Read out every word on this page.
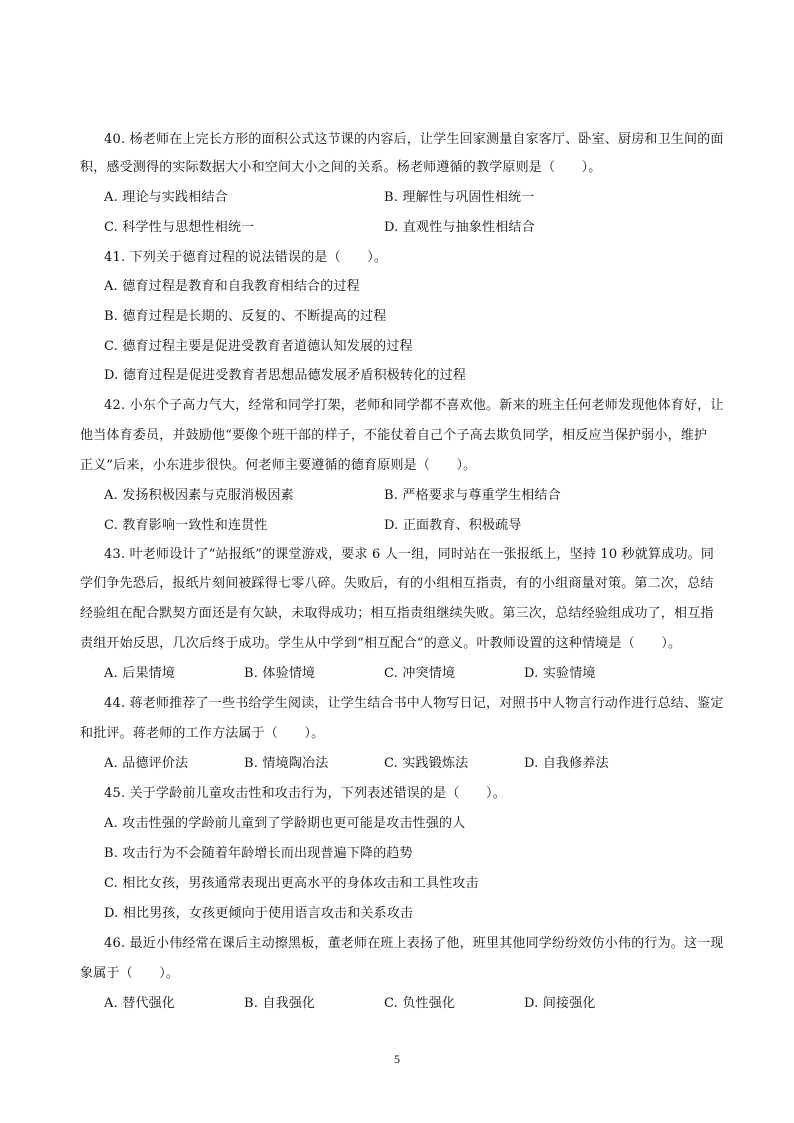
40. 杨老师在上完长方形的面积公式这节课的内容后，让学生回家测量自家客厅、卧室、厨房和卫生间的面
积，感受测得的实际数据大小和空间大小之间的关系。杨老师遵循的教学原则是（　　）。
A. 理论与实践相结合	B. 理解性与巩固性相统一
C. 科学性与思想性相统一	D. 直观性与抽象性相结合
41. 下列关于德育过程的说法错误的是（　　）。
A. 德育过程是教育和自我教育相结合的过程
B. 德育过程是长期的、反复的、不断提高的过程
C. 德育过程主要是促进受教育者道德认知发展的过程
D. 德育过程是促进受教育者思想品德发展矛盾积极转化的过程
42. 小东个子高力气大，经常和同学打架，老师和同学都不喜欢他。新来的班主任何老师发现他体育好，让
他当体育委员，并鼓励他“要像个班干部的样子，不能仗着自己个子高去欺负同学，相反应当保护弱小，维护
正义”后来，小东进步很快。何老师主要遵循的德育原则是（　　）。
A. 发扬积极因素与克服消极因素	B. 严格要求与尊重学生相结合
C. 教育影响一致性和连贯性	D. 正面教育、积极疏导
43. 叶老师设计了“站报纸”的课堂游戏，要求 6 人一组，同时站在一张报纸上，坚持 10 秒就算成功。同
学们争先恐后，报纸片刻间被踩得七零八碎。失败后，有的小组相互指责，有的小组商量对策。第二次，总结
经验组在配合默契方面还是有欠缺，未取得成功；相互指责组继续失败。第三次，总结经验组成功了，相互指
责组开始反思，几次后终于成功。学生从中学到“相互配合”的意义。叶教师设置的这种情境是（　　）。
A. 后果情境	B. 体验情境	C. 冲突情境	D. 实验情境
44. 蒋老师推荐了一些书给学生阅读，让学生结合书中人物写日记，对照书中人物言行动作进行总结、鉴定
和批评。蒋老师的工作方法属于（　　）。
A. 品德评价法	B. 情境陶冶法	C. 实践锻炼法	D. 自我修养法
45. 关于学龄前儿童攻击性和攻击行为，下列表述错误的是（　　）。
A. 攻击性强的学龄前儿童到了学龄期也更可能是攻击性强的人
B. 攻击行为不会随着年龄增长而出现普遍下降的趋势
C. 相比女孩，男孩通常表现出更高水平的身体攻击和工具性攻击
D. 相比男孩，女孩更倾向于使用语言攻击和关系攻击
46. 最近小伟经常在课后主动擦黑板，董老师在班上表扬了他，班里其他同学纷纷效仿小伟的行为。这一现
象属于（　　）。
A. 替代强化	B. 自我强化	C. 负性强化	D. 间接强化
5
